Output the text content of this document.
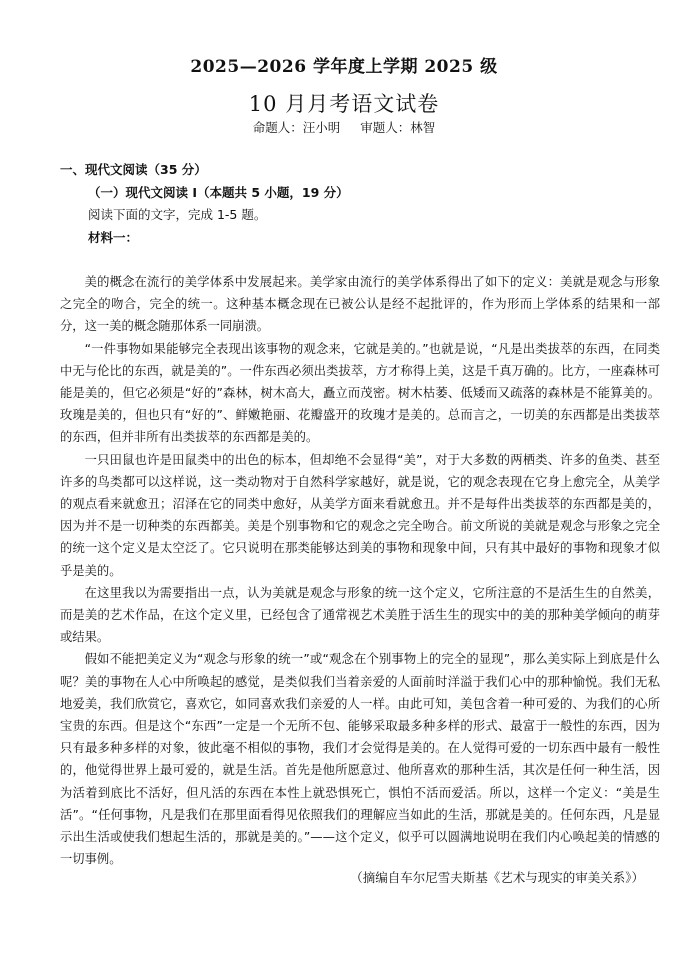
2025—2026 学年度上学期 2025 级
10 月月考语文试卷
命题人：汪小明 审题人：林智
一、现代文阅读（35 分）
（一）现代文阅读 I（本题共 5 小题，19 分）
阅读下面的文字，完成 1-5 题。
材料一：

美的概念在流行的美学体系中发展起来。美学家由流行的美学体系得出了如下的定义：美就是观念与形象之完全的吻合，完全的统一。这种基本概念现在已被公认是经不起批评的，作为形而上学体系的结果和一部分，这一美的概念随那体系一同崩溃。

“一件事物如果能够完全表现出该事物的观念来，它就是美的。”也就是说，“凡是出类拔萃的东西，在同类中无与伦比的东西，就是美的”。一件东西必须出类拔萃，方才称得上美，这是千真万确的。比方，一座森林可能是美的，但它必须是“好的”森林，树木高大，矗立而茂密。树木枯萎、低矮而又疏落的森林是不能算美的。玫瑰是美的，但也只有“好的”、鲜嫩艳丽、花瓣盛开的玫瑰才是美的。总而言之，一切美的东西都是出类拔萃的东西，但并非所有出类拔萃的东西都是美的。

一只田鼠也许是田鼠类中的出色的标本，但却绝不会显得“美”，对于大多数的两栖类、许多的鱼类、甚至许多的鸟类都可以这样说，这一类动物对于自然科学家越好，就是说，它的观念表现在它身上愈完全，从美学的观点看来就愈丑；沼泽在它的同类中愈好，从美学方面来看就愈丑。并不是每件出类拔萃的东西都是美的，因为并不是一切种类的东西都美。美是个别事物和它的观念之完全吻合。前文所说的美就是观念与形象之完全的统一这个定义是太空泛了。它只说明在那类能够达到美的事物和现象中间，只有其中最好的事物和现象才似乎是美的。

在这里我以为需要指出一点，认为美就是观念与形象的统一这个定义，它所注意的不是活生生的自然美，而是美的艺术作品，在这个定义里，已经包含了通常视艺术美胜于活生生的现实中的美的那种美学倾向的萌芽或结果。

假如不能把美定义为“观念与形象的统一”或“观念在个别事物上的完全的显现”，那么美实际上到底是什么呢？美的事物在人心中所唤起的感觉，是类似我们当着亲爱的人面前时洋溢于我们心中的那种愉悦。我们无私地爱美，我们欣赏它，喜欢它，如同喜欢我们亲爱的人一样。由此可知，美包含着一种可爱的、为我们的心所宝贵的东西。但是这个“东西”一定是一个无所不包、能够采取最多种多样的形式、最富于一般性的东西，因为只有最多种多样的对象，彼此毫不相似的事物，我们才会觉得是美的。在人觉得可爱的一切东西中最有一般性的，他觉得世界上最可爱的，就是生活。首先是他所愿意过、他所喜欢的那种生活，其次是任何一种生活，因为活着到底比不活好，但凡活的东西在本性上就恐惧死亡，惧怕不活而爱活。所以，这样一个定义：“美是生活”。“任何事物，凡是我们在那里面看得见依照我们的理解应当如此的生活，那就是美的。任何东西，凡是显示出生活或使我们想起生活的，那就是美的。”——这个定义，似乎可以圆满地说明在我们内心唤起美的情感的一切事例。

（摘编自车尔尼雪夫斯基《艺术与现实的审美关系》）
